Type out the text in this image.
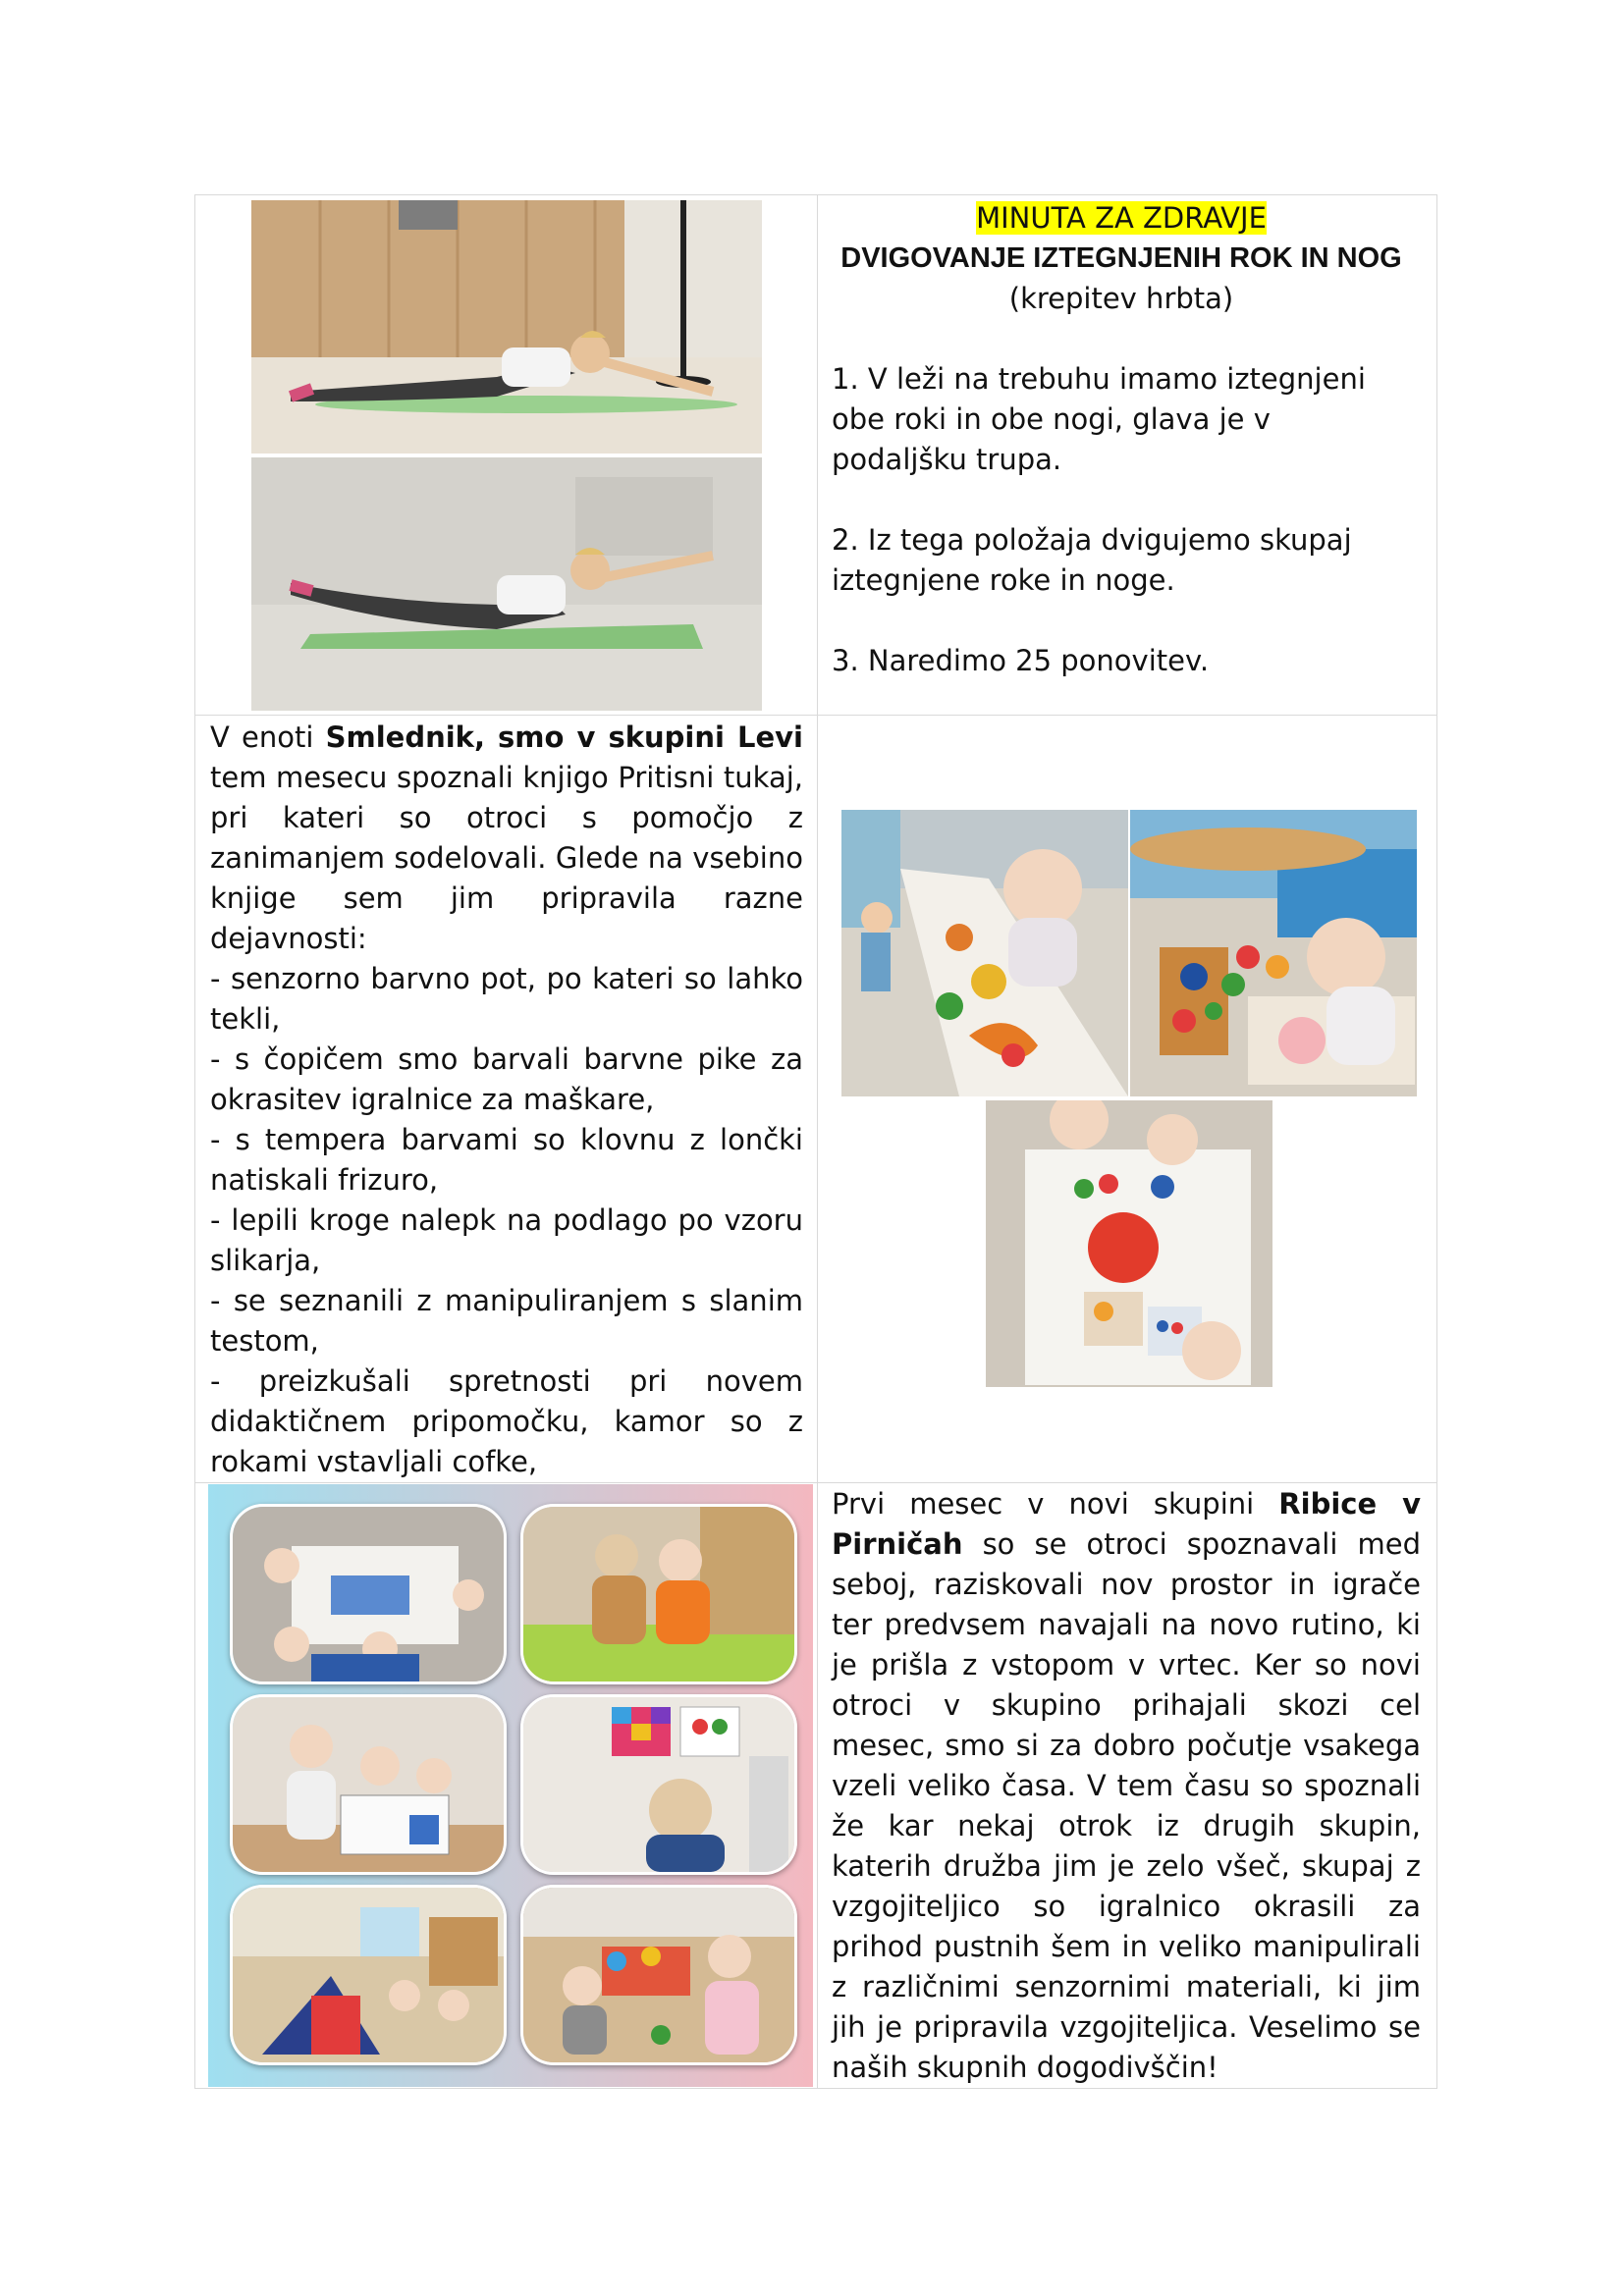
MINUTA ZA ZDRAVJE

DVIGOVANJE IZTEGNJENIH ROK IN NOG

(krepitev hrbta)

1. V leži na trebuhu imamo iztegnjeni obe roki in obe nogi, glava je v podaljšku trupa.

2. Iz tega položaja dvigujemo skupaj iztegnjene roke in noge.

3. Naredimo 25 ponovitev.

V enoti Smlednik, smo v skupini Levi tem mesecu spoznali knjigo Pritisni tukaj, pri kateri so otroci s pomočjo z zanimanjem sodelovali. Glede na vsebino knjige sem jim pripravila razne dejavnosti:

- senzorno barvno pot, po kateri so lahko tekli,

- s čopičem smo barvali barvne pike za okrasitev igralnice za maškare,

- s tempera barvami so klovnu z lončki natiskali frizuro,

- lepili kroge nalepk na podlago po vzoru slikarja,

- se seznanili z manipuliranjem s slanim testom,

- preizkušali spretnosti pri novem didaktičnem pripomočku, kamor so z rokami vstavljali cofke,

Prvi mesec v novi skupini Ribice v Pirničah so se otroci spoznavali med seboj, raziskovali nov prostor in igrače ter predvsem navajali na novo rutino, ki je prišla z vstopom v vrtec. Ker so novi otroci v skupino prihajali skozi cel mesec, smo si za dobro počutje vsakega vzeli veliko časa. V tem času so spoznali že kar nekaj otrok iz drugih skupin, katerih družba jim je zelo všeč, skupaj z vzgojiteljico so igralnico okrasili za prihod pustnih šem in veliko manipulirali z različnimi senzornimi materiali, ki jim jih je pripravila vzgojiteljica. Veselimo se naših skupnih dogodivščin!
